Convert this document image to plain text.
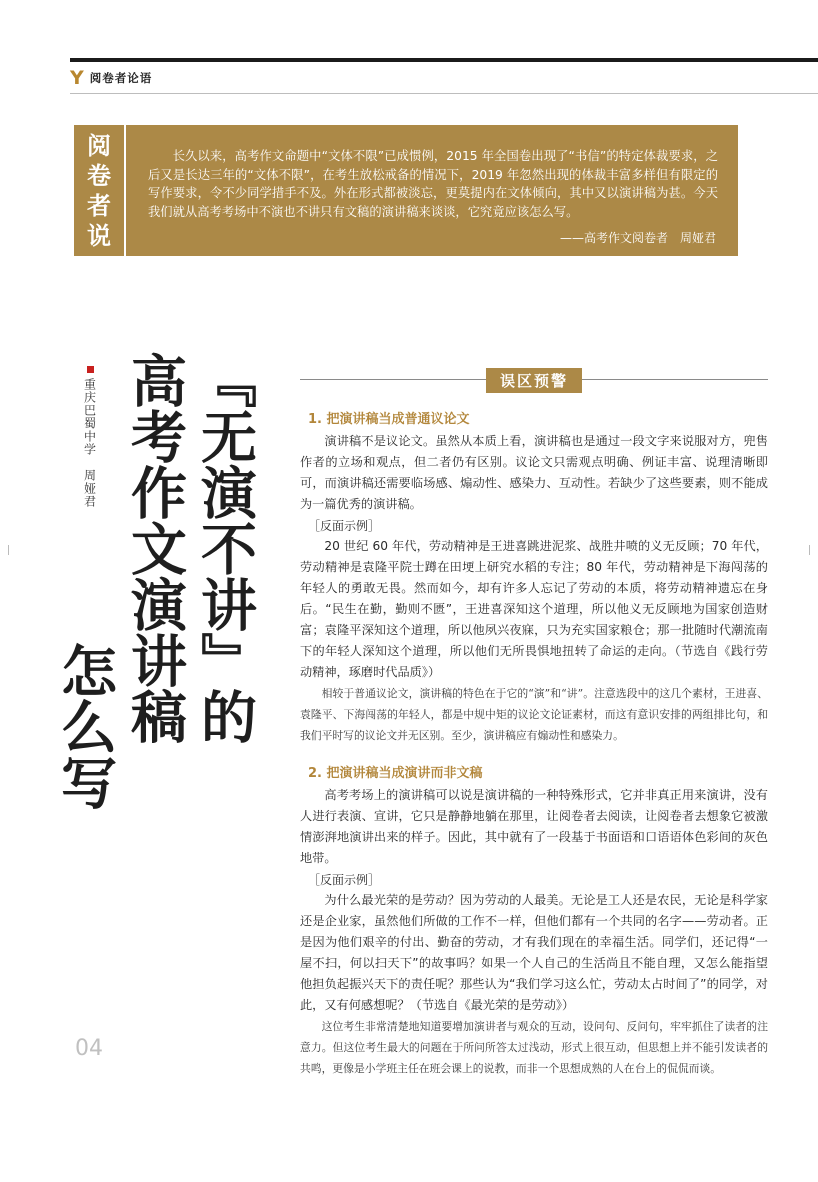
Y 阅卷者论语
阅
卷
者
说

长久以来，高考作文命题中“文体不限”已成惯例，2015 年全国卷出现了“书信”的特定体裁要求，之后又是长达三年的“文体不限”，在考生放松戒备的情况下，2019 年忽然出现的体裁丰富多样但有限定的写作要求，令不少同学措手不及。外在形式都被淡忘，更莫提内在文体倾向，其中又以演讲稿为甚。今天我们就从高考考场中不演也不讲只有文稿的演讲稿来谈谈，它究竟应该怎么写。

——高考作文阅卷者　周娅君
『无演不讲』的
高考作文演讲稿
怎么写
重庆巴蜀中学　周娅君	误区预警
1. 把演讲稿当成普通议论文

演讲稿不是议论文。虽然从本质上看，演讲稿也是通过一段文字来说服对方，兜售作者的立场和观点，但二者仍有区别。议论文只需观点明确、例证丰富、说理清晰即可，而演讲稿还需要临场感、煽动性、感染力、互动性。若缺少了这些要素，则不能成为一篇优秀的演讲稿。

［反面示例］

20 世纪 60 年代，劳动精神是王进喜跳进泥浆、战胜井喷的义无反顾；70 年代，劳动精神是袁隆平院士蹲在田埂上研究水稻的专注；80 年代，劳动精神是下海闯荡的年轻人的勇敢无畏。然而如今，却有许多人忘记了劳动的本质，将劳动精神遗忘在身后。“民生在勤，勤则不匮”，王进喜深知这个道理，所以他义无反顾地为国家创造财富；袁隆平深知这个道理，所以他夙兴夜寐，只为充实国家粮仓；那一批随时代潮流南下的年轻人深知这个道理，所以他们无所畏惧地扭转了命运的走向。（节选自《践行劳动精神，琢磨时代品质》）

相较于普通议论文，演讲稿的特色在于它的“演”和“讲”。注意选段中的这几个素材，王进喜、袁隆平、下海闯荡的年轻人，都是中规中矩的议论文论证素材，而这有意识安排的两组排比句，和我们平时写的议论文并无区别。至少，演讲稿应有煽动性和感染力。

2. 把演讲稿当成演讲而非文稿

高考考场上的演讲稿可以说是演讲稿的一种特殊形式，它并非真正用来演讲，没有人进行表演、宣讲，它只是静静地躺在那里，让阅卷者去阅读，让阅卷者去想象它被激情澎湃地演讲出来的样子。因此，其中就有了一段基于书面语和口语语体色彩间的灰色地带。

［反面示例］

为什么最光荣的是劳动？因为劳动的人最美。无论是工人还是农民，无论是科学家还是企业家，虽然他们所做的工作不一样，但他们都有一个共同的名字——劳动者。正是因为他们艰辛的付出、勤奋的劳动，才有我们现在的幸福生活。同学们，还记得“一屋不扫，何以扫天下”的故事吗？如果一个人自己的生活尚且不能自理，又怎么能指望他担负起振兴天下的责任呢？那些认为“我们学习这么忙，劳动太占时间了”的同学，对此，又有何感想呢？（节选自《最光荣的是劳动》）

这位考生非常清楚地知道要增加演讲者与观众的互动，设问句、反问句，牢牢抓住了读者的注意力。但这位考生最大的问题在于所问所答太过浅动，形式上很互动，但思想上并不能引发读者的共鸣，更像是小学班主任在班会课上的说教，而非一个思想成熟的人在台上的侃侃而谈。

04
